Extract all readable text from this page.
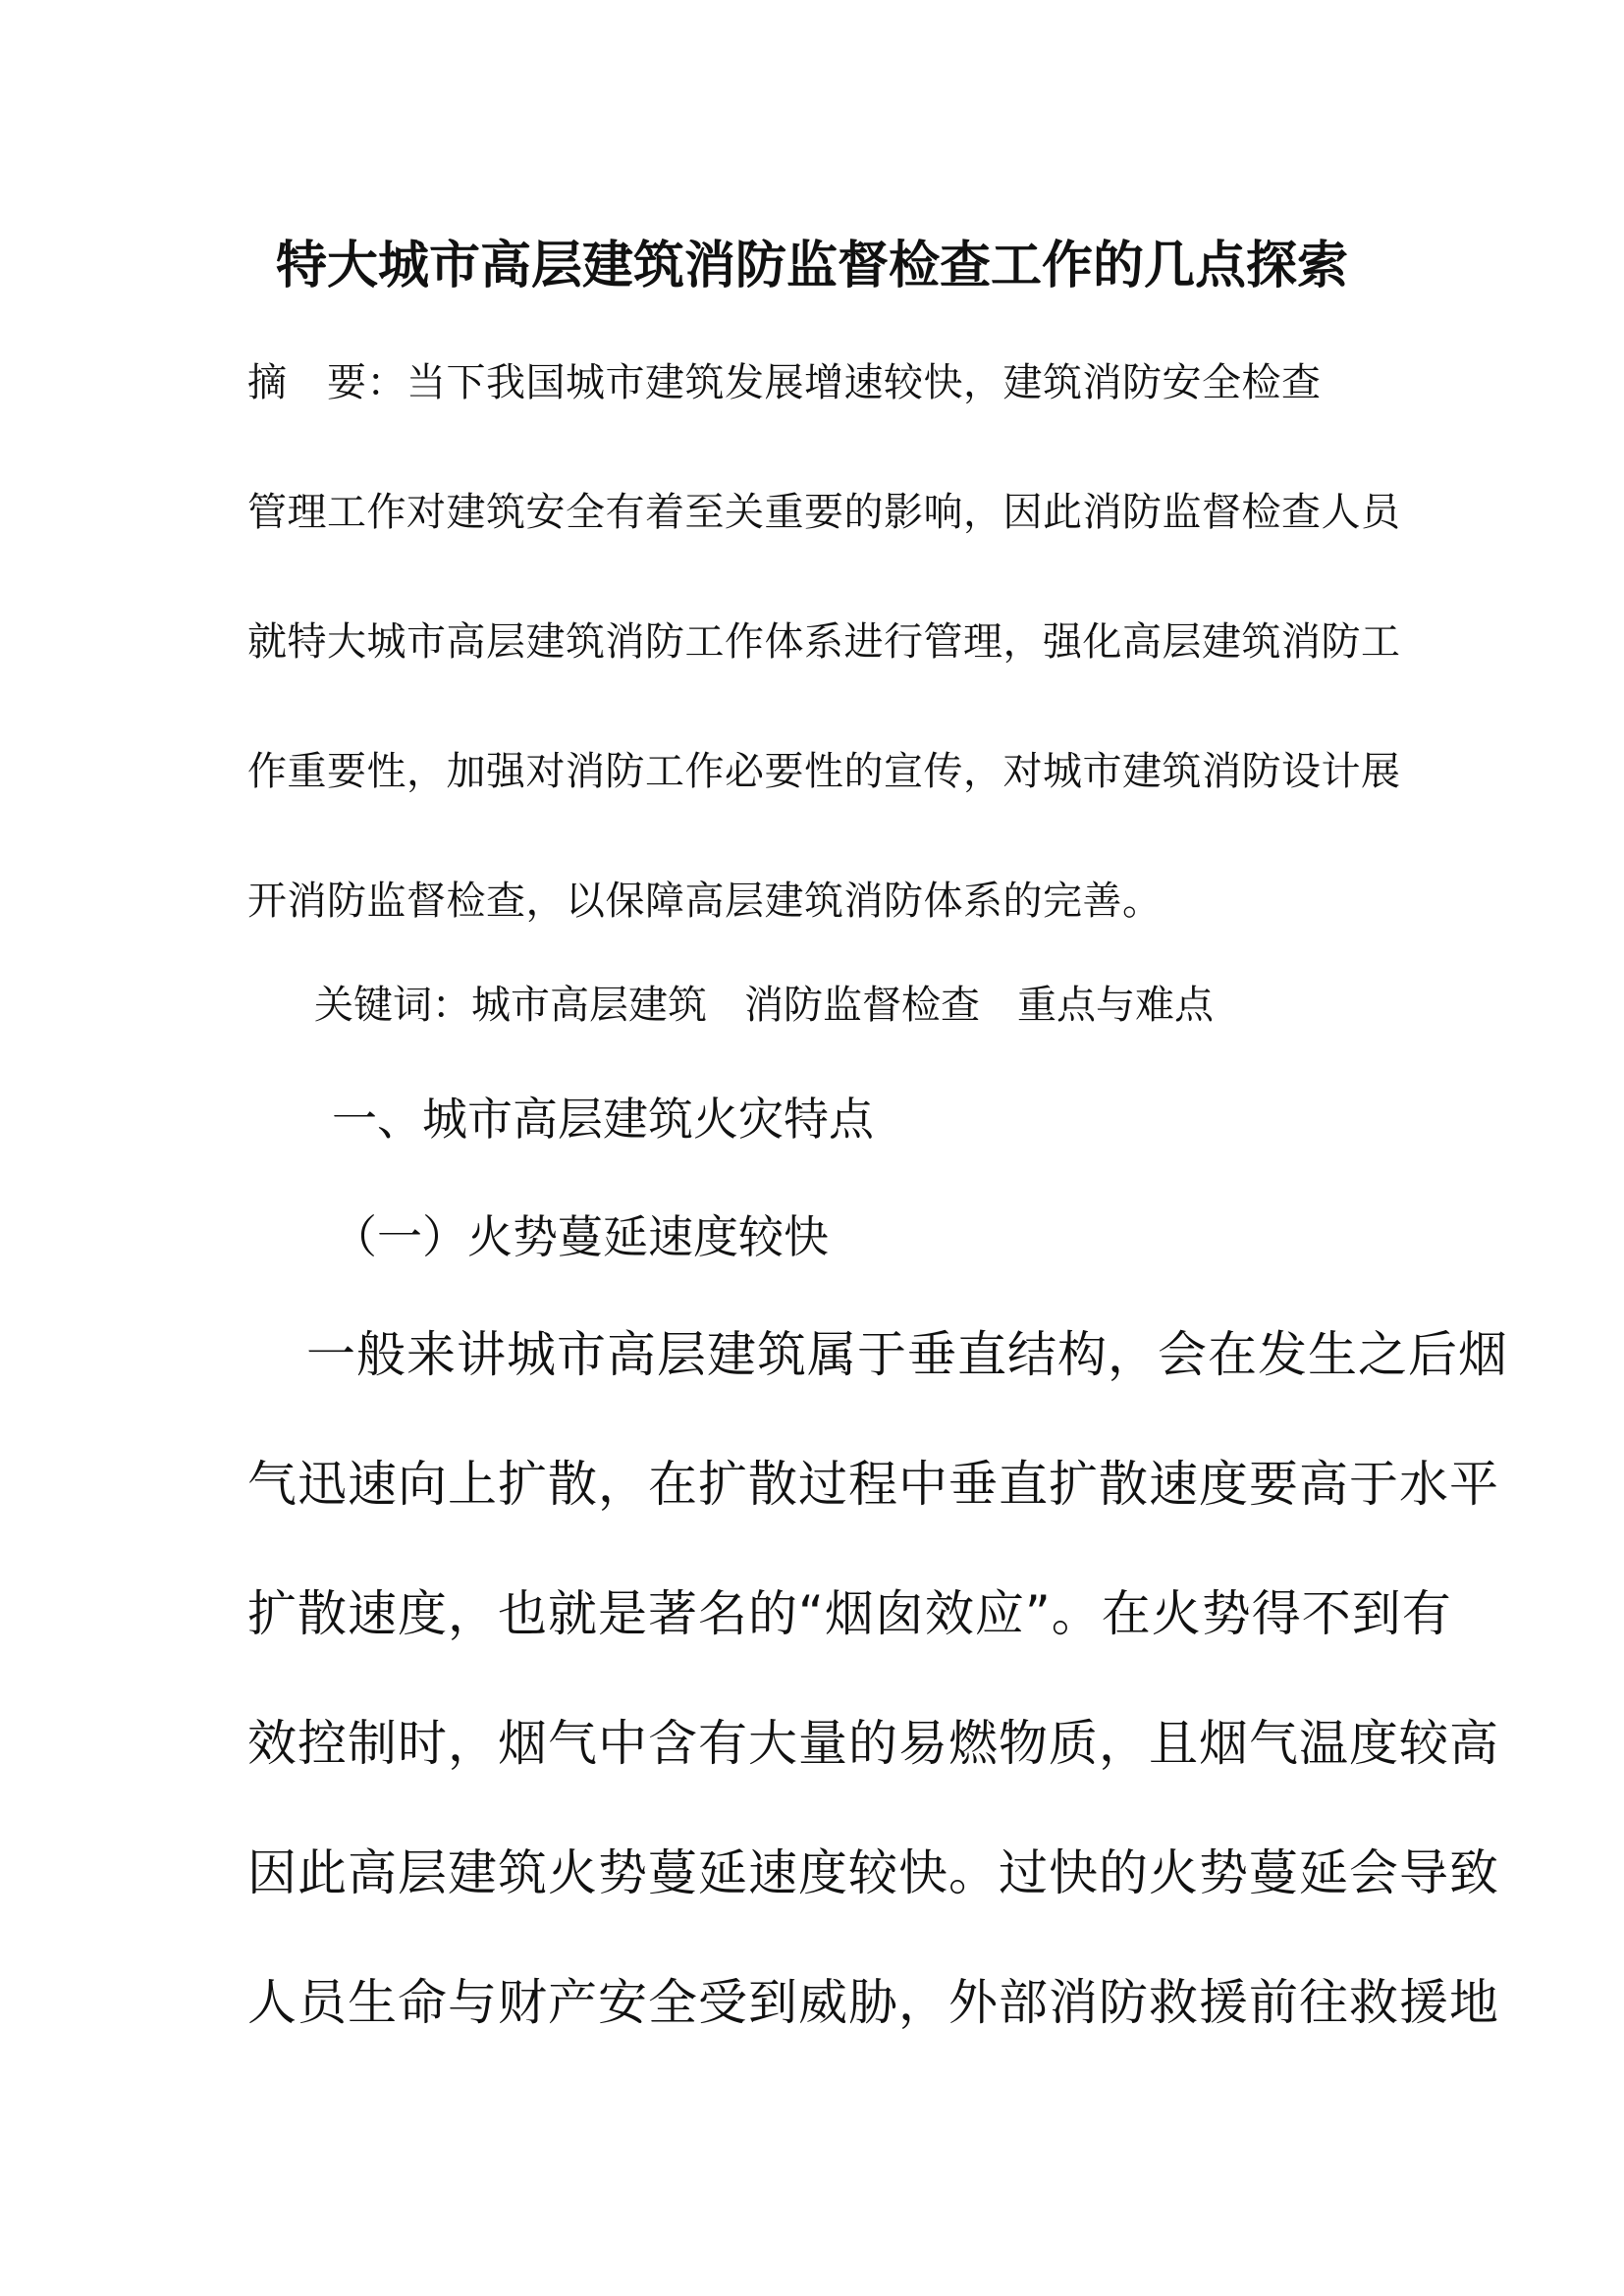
特大城市高层建筑消防监督检查工作的几点探索

摘　要：当下我国城市建筑发展增速较快，建筑消防安全检查

管理工作对建筑安全有着至关重要的影响，因此消防监督检查人员

就特大城市高层建筑消防工作体系进行管理，强化高层建筑消防工

作重要性，加强对消防工作必要性的宣传，对城市建筑消防设计展

开消防监督检查，以保障高层建筑消防体系的完善。

关键词：城市高层建筑 消防监督检查 重点与难点

一、城市高层建筑火灾特点
（一）火势蔓延速度较快

一般来讲城市高层建筑属于垂直结构，会在发生之后烟

气迅速向上扩散，在扩散过程中垂直扩散速度要高于水平

扩散速度，也就是著名的“烟囱效应”。在火势得不到有

效控制时，烟气中含有大量的易燃物质，且烟气温度较高

因此高层建筑火势蔓延速度较快。过快的火势蔓延会导致

人员生命与财产安全受到威胁，外部消防救援前往救援地
